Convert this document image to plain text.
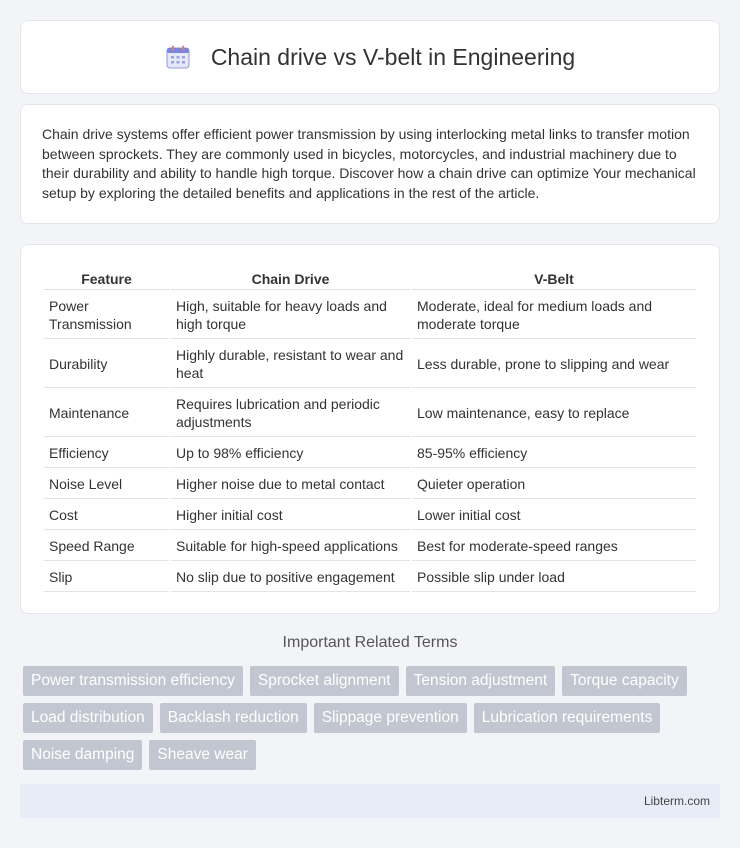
Chain drive vs V-belt in Engineering

Chain drive systems offer efficient power transmission by using interlocking metal links to transfer motion between sprockets. They are commonly used in bicycles, motorcycles, and industrial machinery due to their durability and ability to handle high torque. Discover how a chain drive can optimize Your mechanical setup by exploring the detailed benefits and applications in the rest of the article.

Feature	Chain Drive	V-Belt
Power Transmission	High, suitable for heavy loads and high torque	Moderate, ideal for medium loads and moderate torque
Durability	Highly durable, resistant to wear and heat	Less durable, prone to slipping and wear
Maintenance	Requires lubrication and periodic adjustments	Low maintenance, easy to replace
Efficiency	Up to 98% efficiency	85-95% efficiency
Noise Level	Higher noise due to metal contact	Quieter operation
Cost	Higher initial cost	Lower initial cost
Speed Range	Suitable for high-speed applications	Best for moderate-speed ranges
Slip	No slip due to positive engagement	Possible slip under load
Important Related Terms
Power transmission efficiency	Sprocket alignment	Tension adjustment	Torque capacity
Load distribution	Backlash reduction	Slippage prevention	Lubrication requirements
Noise damping	Sheave wear
Libterm.com
